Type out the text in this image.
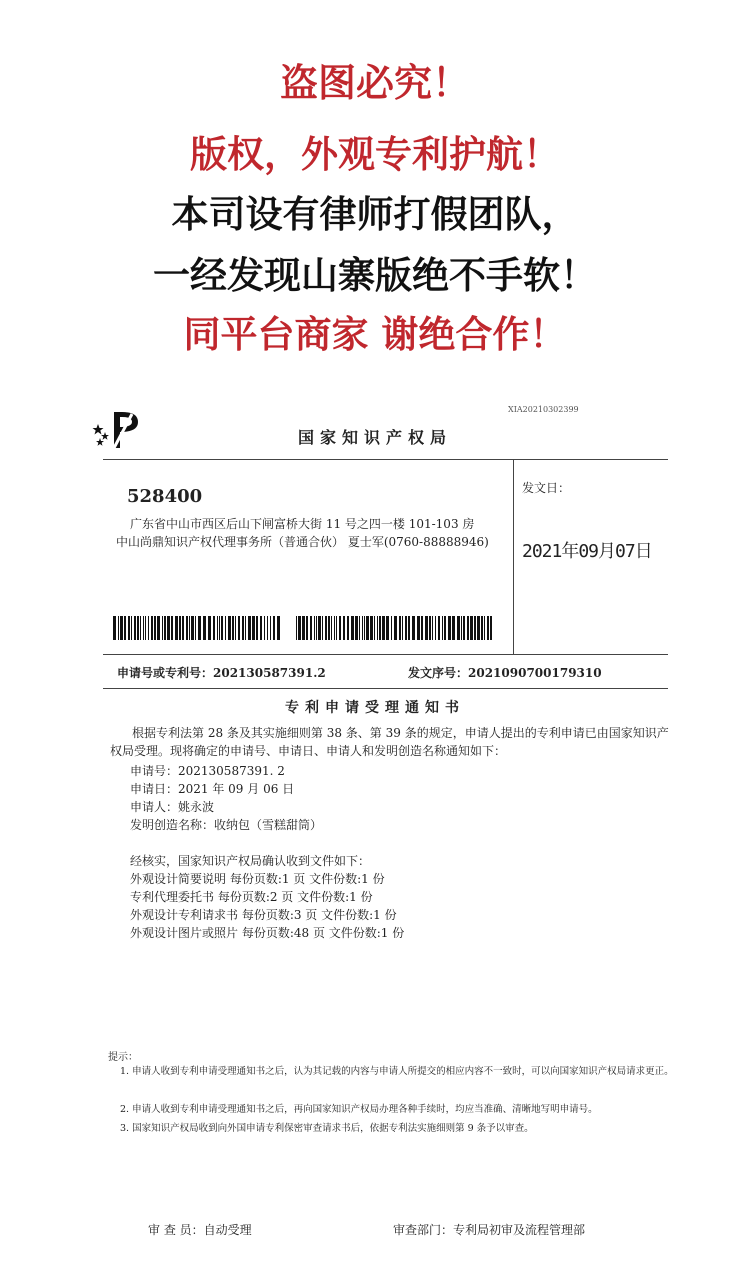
盗图必究！
版权，外观专利护航！
本司设有律师打假团队，
一经发现山寨版绝不手软！
同平台商家 谢绝合作！
XIA20210302399
国家知识产权局
528400
广东省中山市西区后山下闸富桥大街 11 号之四一楼 101-103 房
中山尚鼎知识产权代理事务所（普通合伙） 夏士军(0760-88888946)
发文日：
2021年09月07日
申请号或专利号：202130587391.2	发文序号：2021090700179310
专利申请受理通知书
根据专利法第 28 条及其实施细则第 38 条、第 39 条的规定，申请人提出的专利申请已由国家知识产权局受理。现将确定的申请号、申请日、申请人和发明创造名称通知如下：
申请号：202130587391. 2
申请日：2021 年 09 月 06 日
申请人：姚永波
发明创造名称：收纳包（雪糕甜筒）
经核实，国家知识产权局确认收到文件如下：
外观设计简要说明 每份页数:1 页 文件份数:1 份
专利代理委托书 每份页数:2 页 文件份数:1 份
外观设计专利请求书 每份页数:3 页 文件份数:1 份
外观设计图片或照片 每份页数:48 页 文件份数:1 份
提示：
1. 申请人收到专利申请受理通知书之后，认为其记载的内容与申请人所提交的相应内容不一致时，可以向国家知识产权局请求更正。
2. 申请人收到专利申请受理通知书之后，再向国家知识产权局办理各种手续时，均应当准确、清晰地写明申请号。
3. 国家知识产权局收到向外国申请专利保密审查请求书后，依据专利法实施细则第 9 条予以审查。
审 查 员：自动受理	审查部门：专利局初审及流程管理部
